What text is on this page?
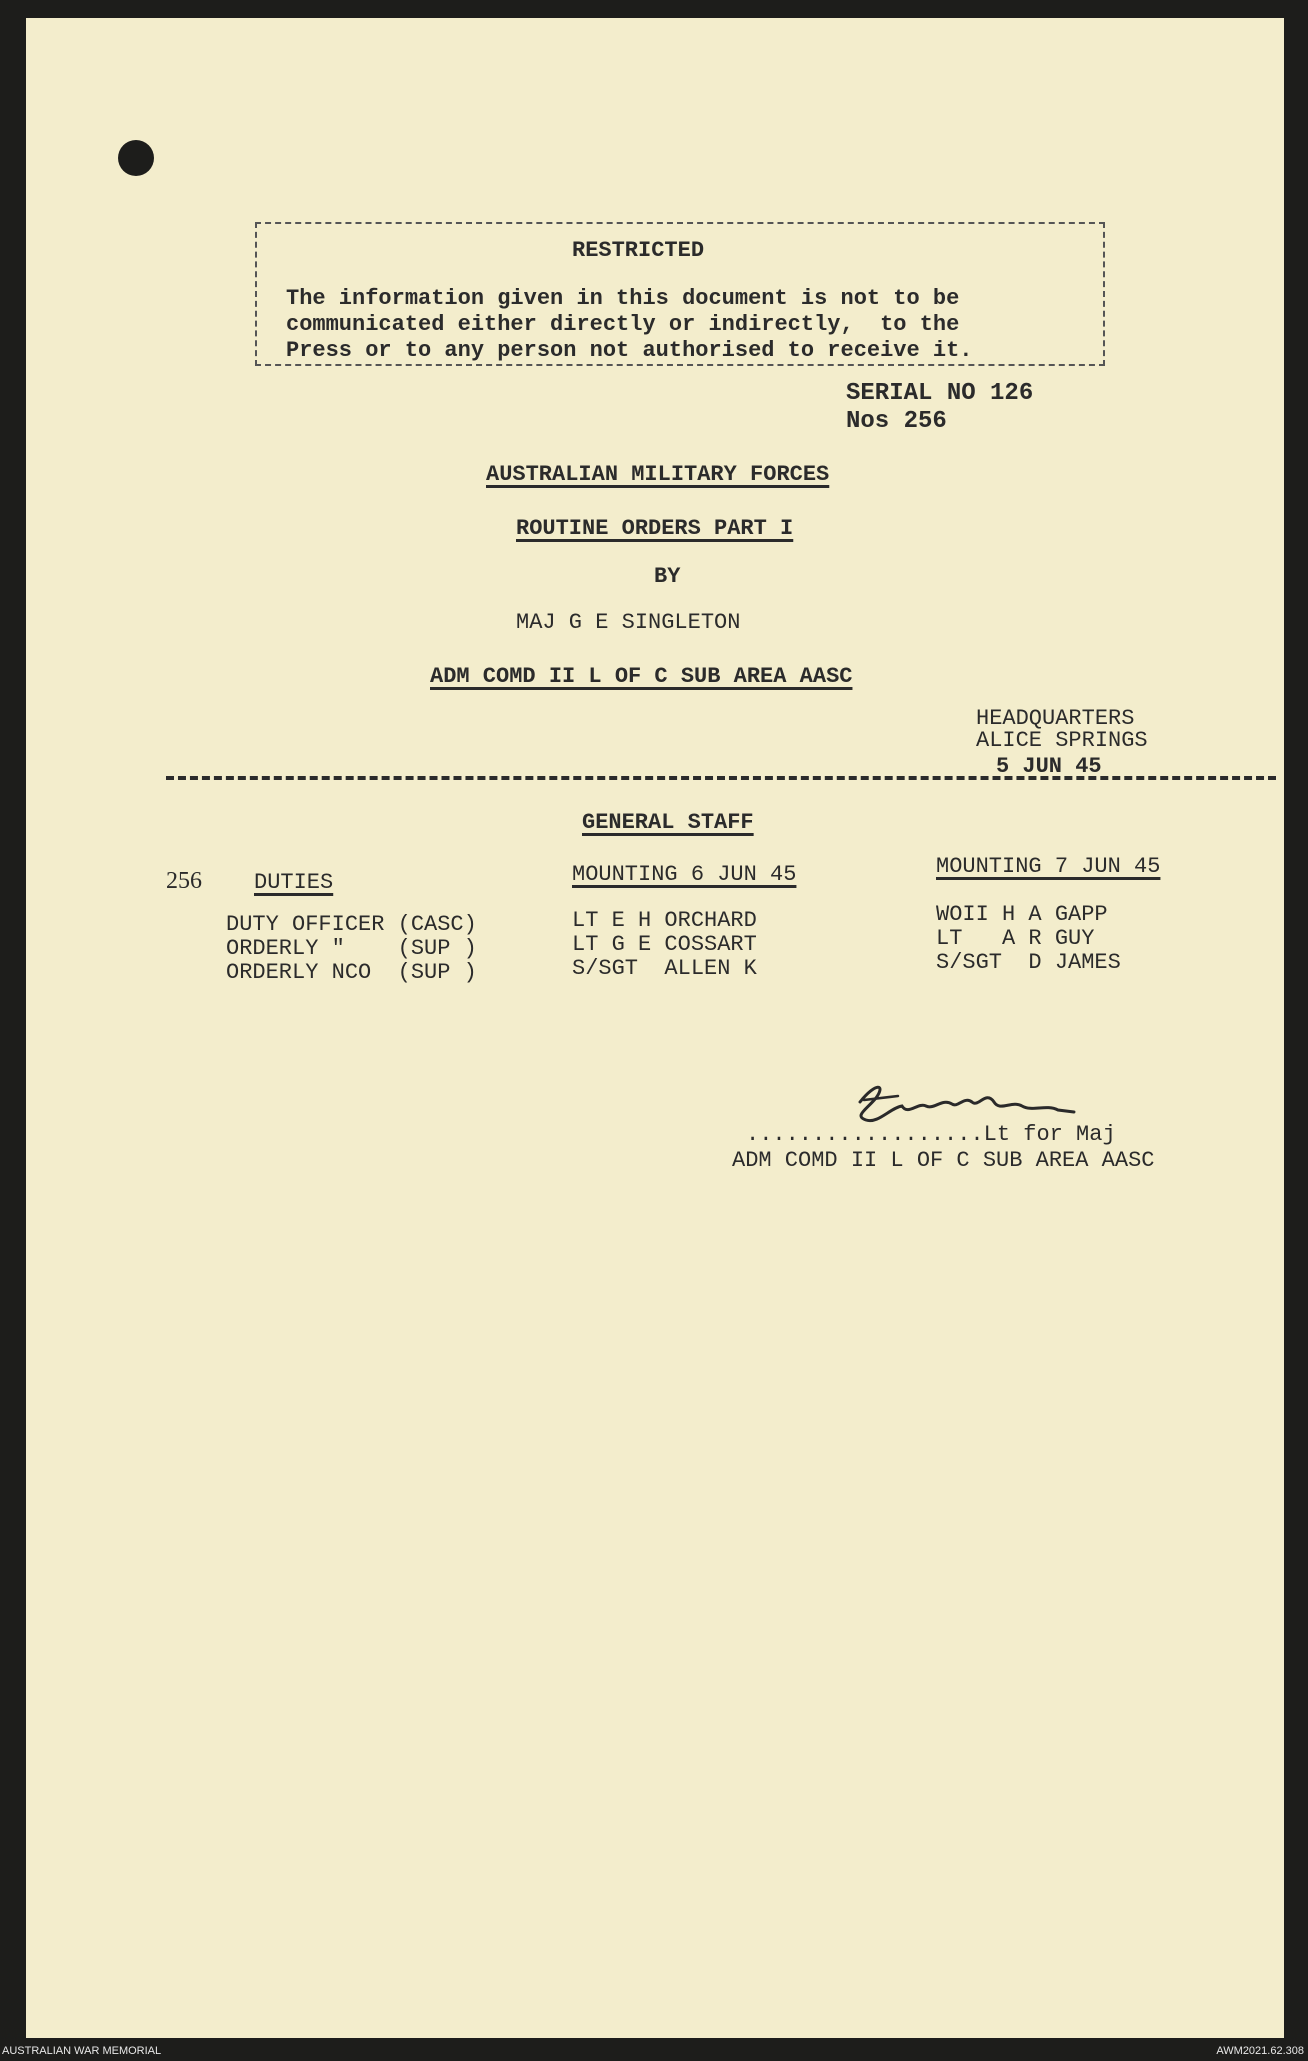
RESTRICTED
The information given in this document is not to be
communicated either directly or indirectly,  to the
Press or to any person not authorised to receive it.
SERIAL NO 126
Nos 256
AUSTRALIAN MILITARY FORCES
ROUTINE ORDERS PART I
BY
MAJ G E SINGLETON
ADM COMD II L OF C SUB AREA AASC
HEADQUARTERS
ALICE SPRINGS
5 JUN 45
GENERAL STAFF
256 DUTIES	MOUNTING 6 JUN 45	MOUNTING 7 JUN 45
DUTY OFFICER (CASC)	LT E H ORCHARD	WOII H A GAPP
ORDERLY "    (SUP )	LT G E COSSART	LT   A R GUY
ORDERLY NCO  (SUP )	S/SGT  ALLEN K	S/SGT  D JAMES
..................Lt for Maj
ADM COMD II L OF C SUB AREA AASC
AUSTRALIAN WAR MEMORIAL	AWM2021.62.308
